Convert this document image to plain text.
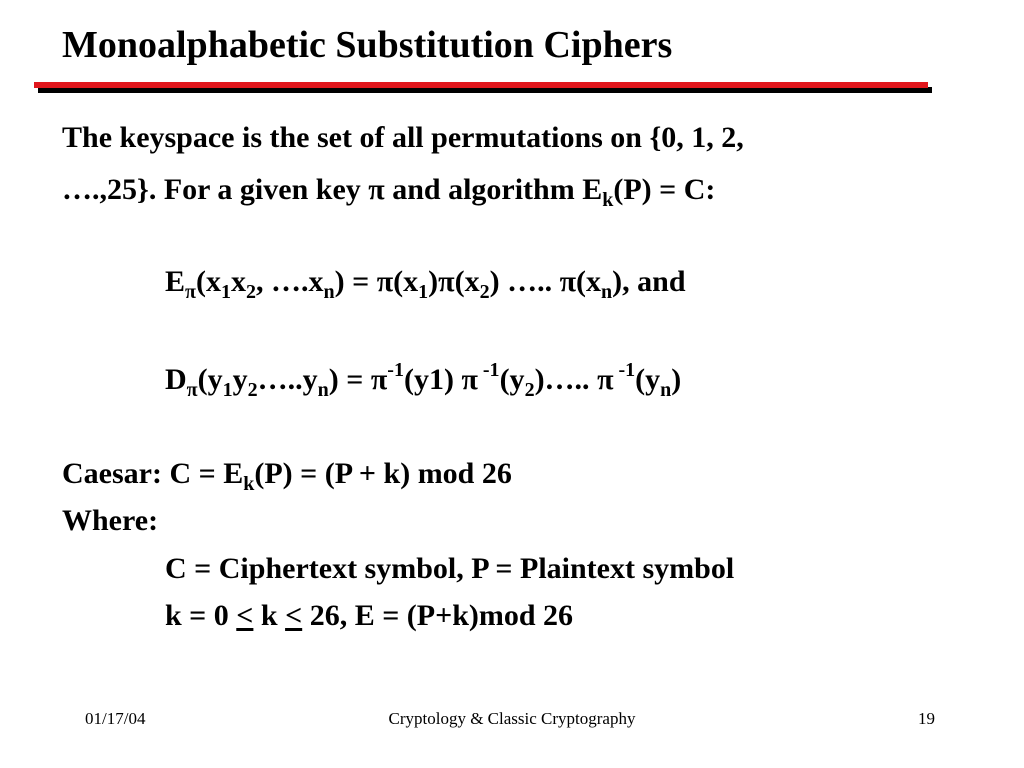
Monoalphabetic Substitution Ciphers
The keyspace is the set of all permutations on {0, 1, 2,
….,25}. For a given key π and algorithm $E_k(P) = C$:
$E_\pi(x_1x_2$, $\dots.x_n) = \pi(x_1)\pi(x_2)$ ….. $\pi(x_n)$, and
$D_\pi(y_1y_2\dots..y_n) = \pi^{-1}(y1)$ π $^{-1}(y_2)\dots$.. π $^{-1}(y_n)$
Caesar: $C = E_k(P) = (P + k)$ mod 26
Where:
C = Ciphertext symbol, P = Plaintext symbol
k = 0 ≤ k ≤ 26, E = (P+k)mod 26
01/17/04	Cryptology & Classic Cryptography	19
